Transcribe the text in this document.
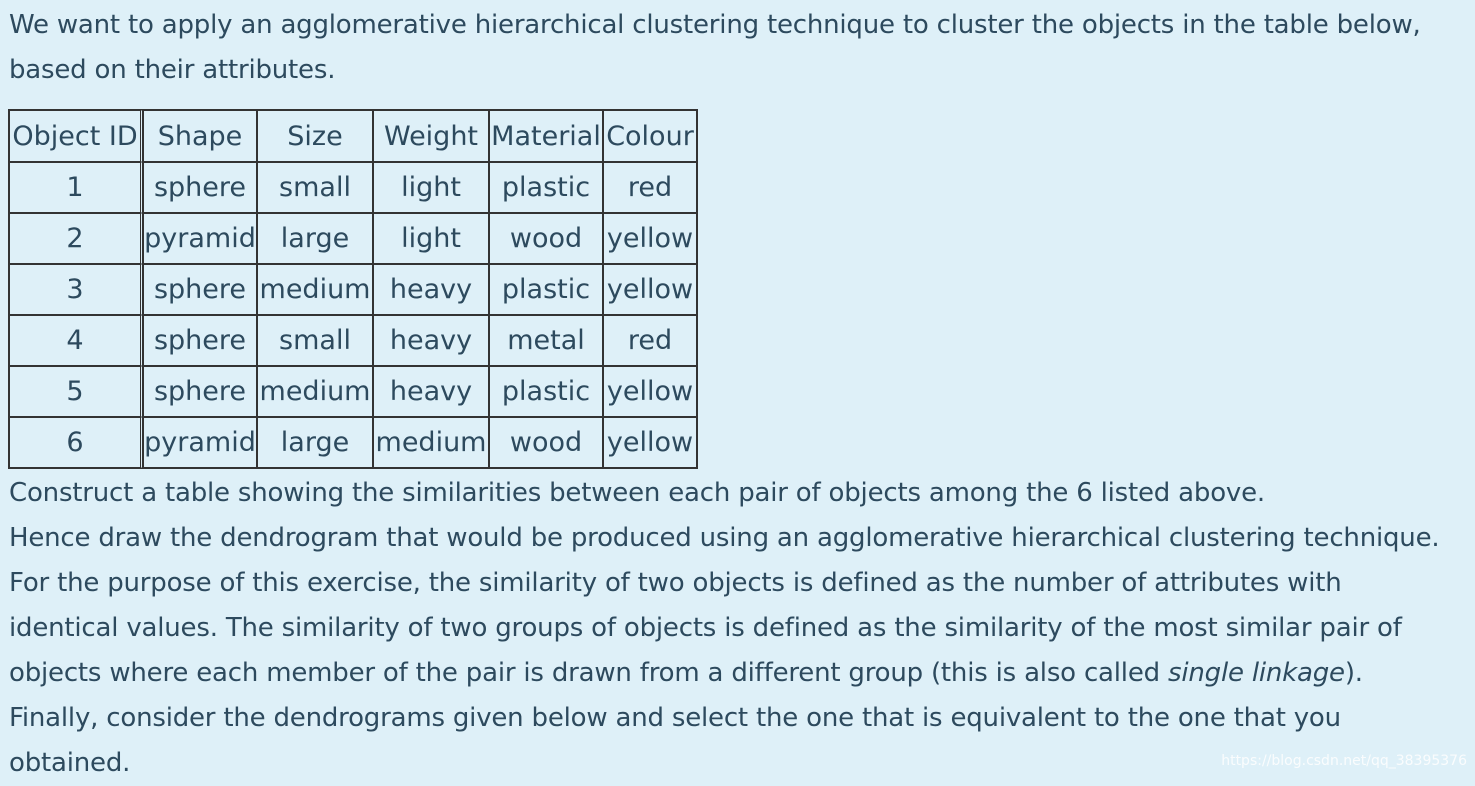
We want to apply an agglomerative hierarchical clustering technique to cluster the objects in the table below,

based on their attributes.

Object ID	Shape	Size	Weight	Material	Colour
1	sphere	small	light	plastic	red
2	pyramid	large	light	wood	yellow
3	sphere	medium	heavy	plastic	yellow
4	sphere	small	heavy	metal	red
5	sphere	medium	heavy	plastic	yellow
6	pyramid	large	medium	wood	yellow

Construct a table showing the similarities between each pair of objects among the 6 listed above.

Hence draw the dendrogram that would be produced using an agglomerative hierarchical clustering technique.

For the purpose of this exercise, the similarity of two objects is defined as the number of attributes with

identical values. The similarity of two groups of objects is defined as the similarity of the most similar pair of

objects where each member of the pair is drawn from a different group (this is also called single linkage).

Finally, consider the dendrograms given below and select the one that is equivalent to the one that you

obtained.	https://blog.csdn.net/qq_38395376
